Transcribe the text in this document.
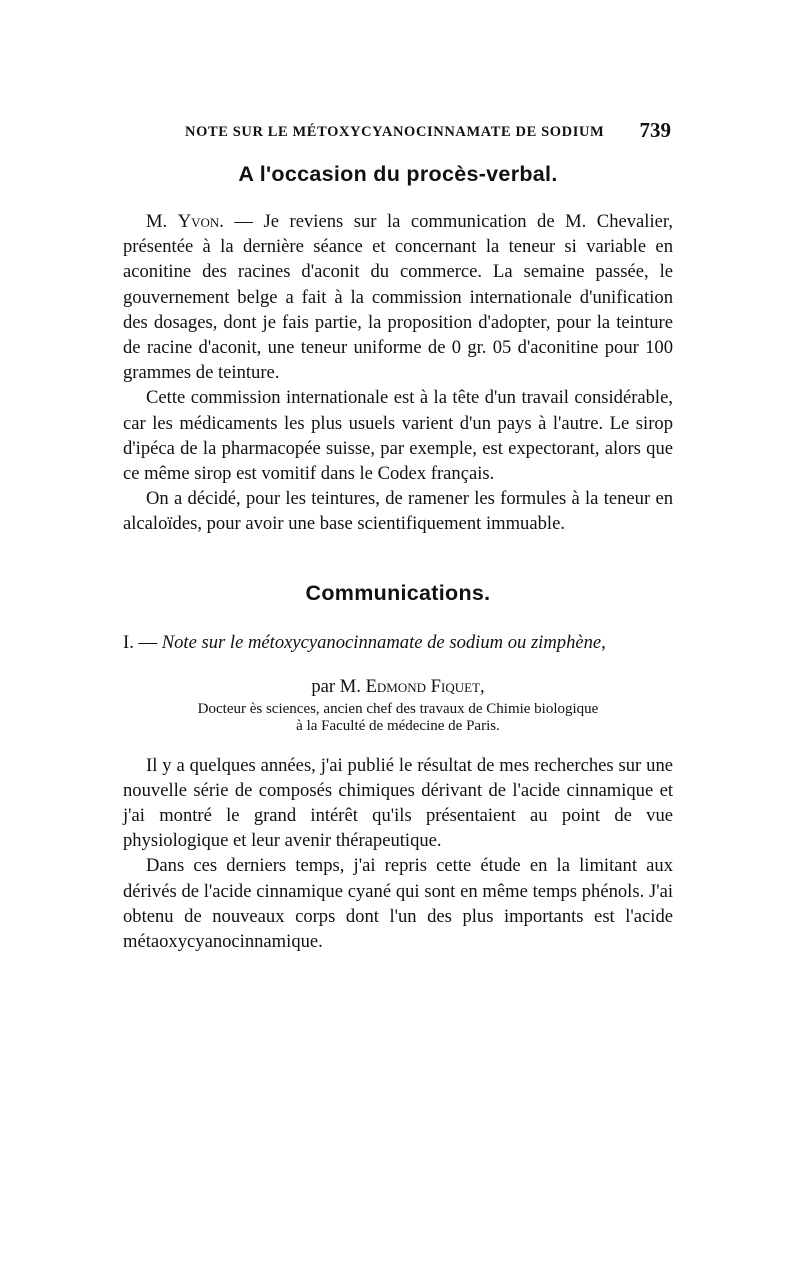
NOTE SUR LE MÉTOXYCYANOCINNAMATE DE SODIUM 739
A l'occasion du procès-verbal.

M. Yvon. — Je reviens sur la communication de M. Chevalier, présentée à la dernière séance et concernant la teneur si variable en aconitine des racines d'aconit du commerce. La semaine passée, le gouvernement belge a fait à la commission internationale d'unification des dosages, dont je fais partie, la proposition d'adopter, pour la teinture de racine d'aconit, une teneur uniforme de 0 gr. 05 d'aconitine pour 100 grammes de teinture.

Cette commission internationale est à la tête d'un travail considérable, car les médicaments les plus usuels varient d'un pays à l'autre. Le sirop d'ipéca de la pharmacopée suisse, par exemple, est expectorant, alors que ce même sirop est vomitif dans le Codex français.

On a décidé, pour les teintures, de ramener les formules à la teneur en alcaloïdes, pour avoir une base scientifiquement immuable.

Communications.
I. — Note sur le métoxycyanocinnamate de sodium ou zimphène,

par M. Edmond Fiquet,

Docteur ès sciences, ancien chef des travaux de Chimie biologique
à la Faculté de médecine de Paris.

Il y a quelques années, j'ai publié le résultat de mes recherches sur une nouvelle série de composés chimiques dérivant de l'acide cinnamique et j'ai montré le grand intérêt qu'ils présentaient au point de vue physiologique et leur avenir thérapeutique.

Dans ces derniers temps, j'ai repris cette étude en la limitant aux dérivés de l'acide cinnamique cyané qui sont en même temps phénols. J'ai obtenu de nouveaux corps dont l'un des plus importants est l'acide métaoxycyanocinnamique.
